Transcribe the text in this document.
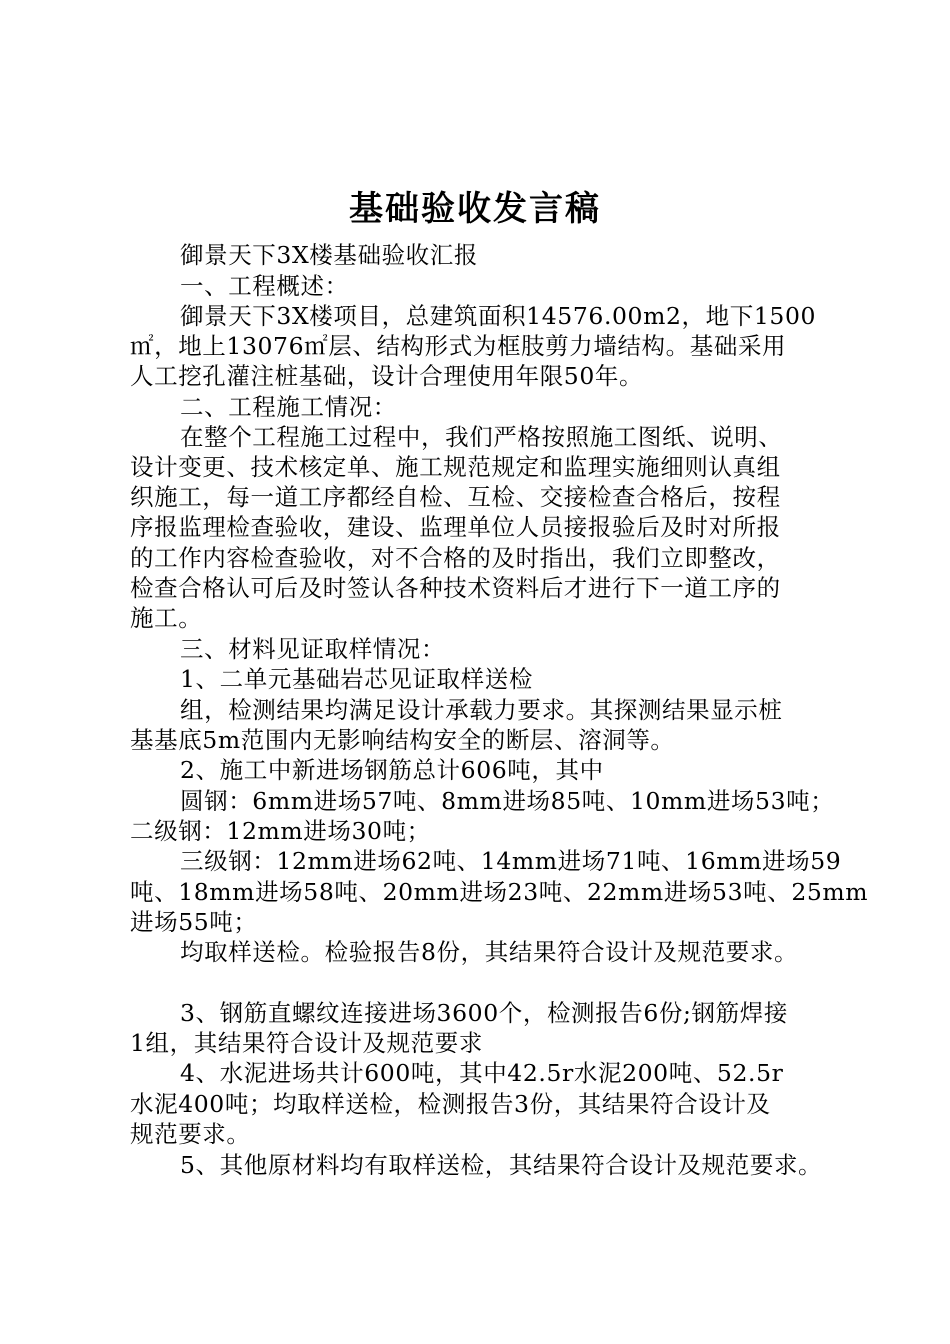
基础验收发言稿
御景天下3X楼基础验收汇报
一、工程概述：
御景天下3X楼项目，总建筑面积14576.00m2，地下1500
㎡，地上13076㎡层、结构形式为框肢剪力墙结构。基础采用
人工挖孔灌注桩基础，设计合理使用年限50年。
二、工程施工情况：
在整个工程施工过程中，我们严格按照施工图纸、说明、
设计变更、技术核定单、施工规范规定和监理实施细则认真组
织施工，每一道工序都经自检、互检、交接检查合格后，按程
序报监理检查验收，建设、监理单位人员接报验后及时对所报
的工作内容检查验收，对不合格的及时指出，我们立即整改，
检查合格认可后及时签认各种技术资料后才进行下一道工序的
施工。
三、材料见证取样情况：
1、二单元基础岩芯见证取样送检
组，检测结果均满足设计承载力要求。其探测结果显示桩
基基底5m范围内无影响结构安全的断层、溶洞等。
2、施工中新进场钢筋总计606吨，其中
圆钢：6mm进场57吨、8mm进场85吨、10mm进场53吨；
二级钢：12mm进场30吨；
三级钢：12mm进场62吨、14mm进场71吨、16mm进场59
吨、18mm进场58吨、20mm进场23吨、22mm进场53吨、25mm
进场55吨；
均取样送检。检验报告8份，其结果符合设计及规范要求。
3、钢筋直螺纹连接进场3600个，检测报告6份;钢筋焊接
1组，其结果符合设计及规范要求
4、水泥进场共计600吨，其中42.5r水泥200吨、52.5r
水泥400吨；均取样送检，检测报告3份，其结果符合设计及
规范要求。
5、其他原材料均有取样送检，其结果符合设计及规范要求。
